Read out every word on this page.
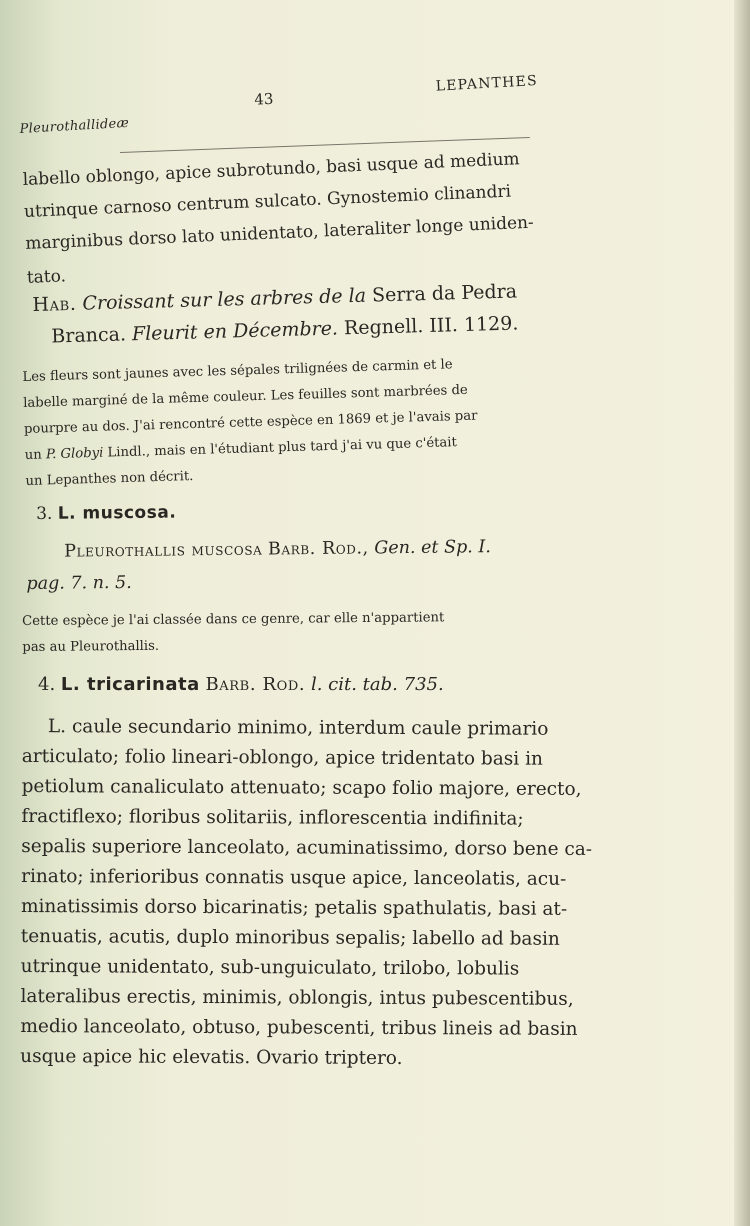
Pleurothallideæ
43
LEPANTHES
labello oblongo, apice subrotundo, basi usque ad medium
utrinque carnoso centrum sulcato. Gynostemio clinandri
marginibus dorso lato unidentato, lateraliter longe uniden-
tato.
Hab. Croissant sur les arbres de la Serra da Pedra
Branca. Fleurit en Décembre. Regnell. III. 1129.
Les fleurs sont jaunes avec les sépales trilignées de carmin et le
labelle marginé de la même couleur. Les feuilles sont marbrées de
pourpre au dos. J'ai rencontré cette espèce en 1869 et je l'avais par
un P. Globyi Lindl., mais en l'étudiant plus tard j'ai vu que c'était
un Lepanthes non décrit.
3. L. muscosa.
Pleurothallis muscosa Barb. Rod., Gen. et Sp. I.
pag. 7. n. 5.
Cette espèce je l'ai classée dans ce genre, car elle n'appartient
pas au Pleurothallis.
4. L. tricarinata Barb. Rod. l. cit. tab. 735.
L. caule secundario minimo, interdum caule primario
articulato; folio lineari-oblongo, apice tridentato basi in
petiolum canaliculato attenuato; scapo folio majore, erecto,
fractiflexo; floribus solitariis, inflorescentia indifinita;
sepalis superiore lanceolato, acuminatissimo, dorso bene ca-
rinato; inferioribus connatis usque apice, lanceolatis, acu-
minatissimis dorso bicarinatis; petalis spathulatis, basi at-
tenuatis, acutis, duplo minoribus sepalis; labello ad basin
utrinque unidentato, sub-unguiculato, trilobo, lobulis
lateralibus erectis, minimis, oblongis, intus pubescentibus,
medio lanceolato, obtuso, pubescenti, tribus lineis ad basin
usque apice hic elevatis. Ovario triptero.
